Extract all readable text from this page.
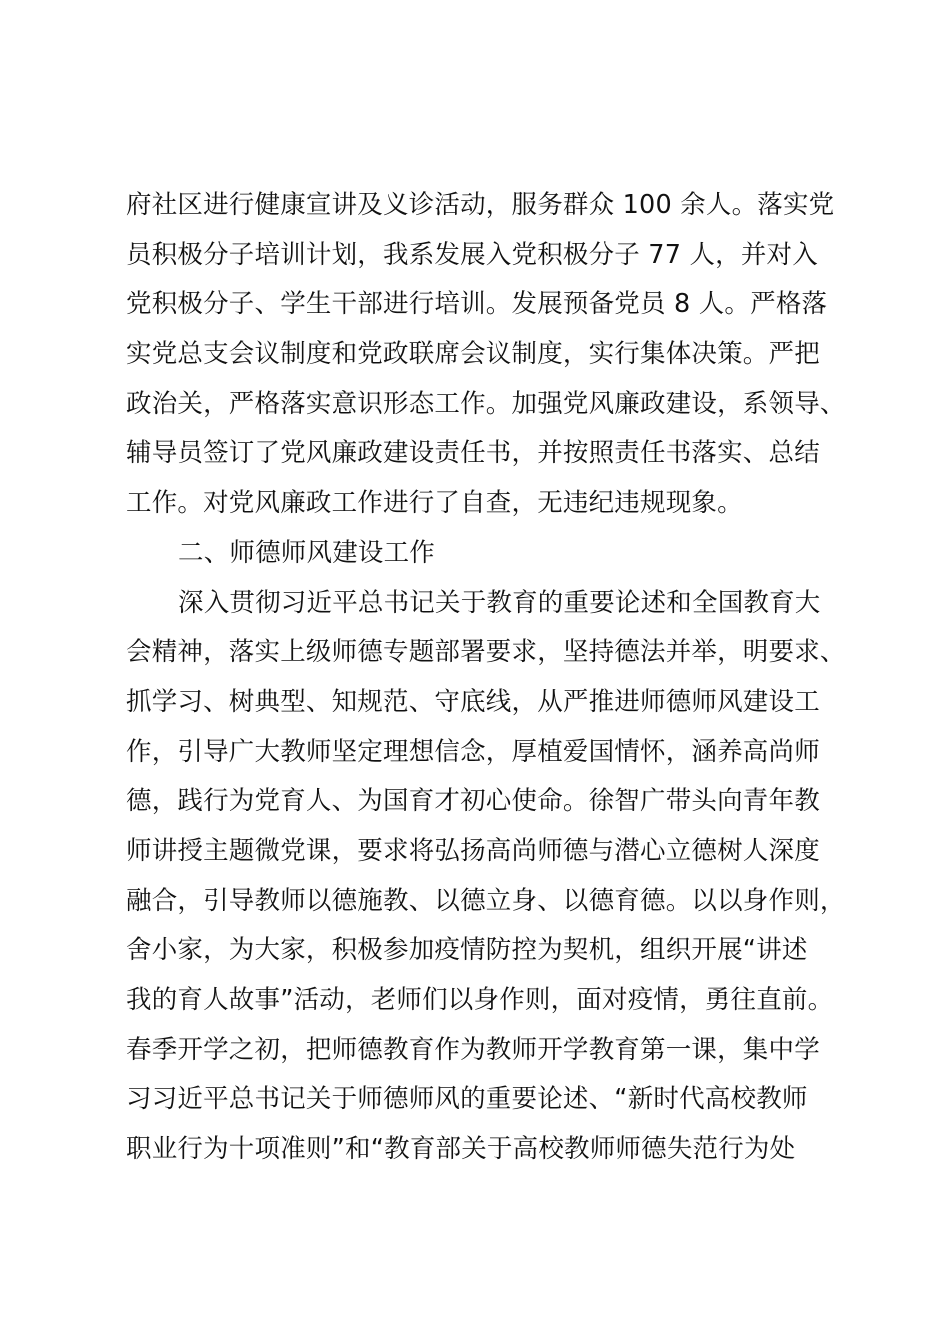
府社区进行健康宣讲及义诊活动，服务群众 100 余人。落实党
员积极分子培训计划，我系发展入党积极分子 77 人，并对入
党积极分子、学生干部进行培训。发展预备党员 8 人。严格落
实党总支会议制度和党政联席会议制度，实行集体决策。严把
政治关，严格落实意识形态工作。加强党风廉政建设，系领导、
辅导员签订了党风廉政建设责任书，并按照责任书落实、总结
工作。对党风廉政工作进行了自查，无违纪违规现象。
二、师德师风建设工作
深入贯彻习近平总书记关于教育的重要论述和全国教育大
会精神，落实上级师德专题部署要求，坚持德法并举，明要求、
抓学习、树典型、知规范、守底线，从严推进师德师风建设工
作，引导广大教师坚定理想信念，厚植爱国情怀，涵养高尚师
德，践行为党育人、为国育才初心使命。徐智广带头向青年教
师讲授主题微党课，要求将弘扬高尚师德与潜心立德树人深度
融合，引导教师以德施教、以德立身、以德育德。以以身作则，
舍小家，为大家，积极参加疫情防控为契机，组织开展“讲述
我的育人故事”活动，老师们以身作则，面对疫情，勇往直前。
春季开学之初，把师德教育作为教师开学教育第一课，集中学
习习近平总书记关于师德师风的重要论述、“新时代高校教师
职业行为十项准则”和“教育部关于高校教师师德失范行为处
